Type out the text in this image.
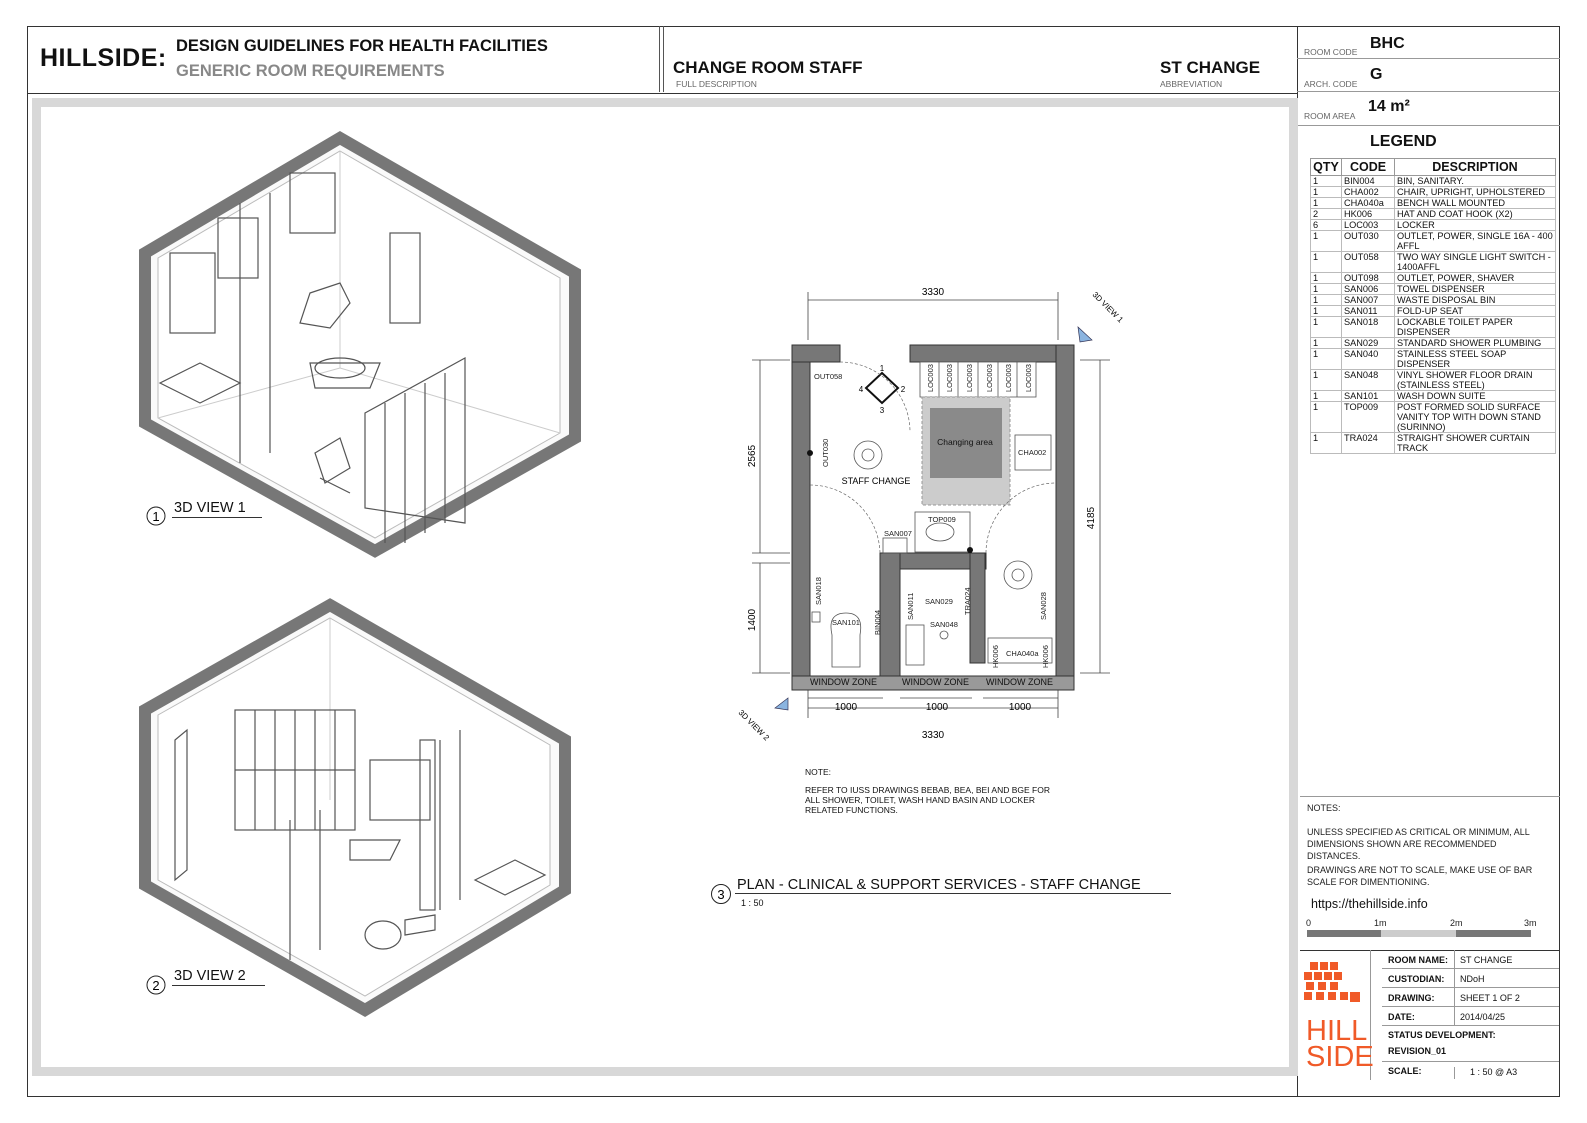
HILLSIDE: DESIGN GUIDELINES FOR HEALTH FACILITIES
GENERIC ROOM REQUIREMENTS	CHANGE ROOM STAFF
FULL DESCRIPTION
ST CHANGE
ABBREVIATION
ROOM CODE BHC
ARCH. CODE
G
ROOM AREA
14 m²
LEGEND
QTY	CODE	DESCRIPTION
1	BIN004	BIN, SANITARY.
1	CHA002	CHAIR, UPRIGHT, UPHOLSTERED
1	CHA040a	BENCH WALL MOUNTED
2	HK006	HAT AND COAT HOOK (X2)
6	LOC003	LOCKER
1	OUT030	OUTLET, POWER, SINGLE 16A - 400 AFFL
1	OUT058	TWO WAY SINGLE LIGHT SWITCH - 1400AFFL
1	OUT098	OUTLET, POWER, SHAVER
1	SAN006	TOWEL DISPENSER
1	SAN007	WASTE DISPOSAL BIN
1	SAN011	FOLD-UP SEAT
1	SAN018	LOCKABLE TOILET PAPER DISPENSER
1	SAN029	STANDARD SHOWER PLUMBING
1	SAN040	STAINLESS STEEL SOAP DISPENSER
1	SAN048	VINYL SHOWER FLOOR DRAIN (STAINLESS STEEL)
1	SAN101	WASH DOWN SUITE
1	TOP009	POST FORMED SOLID SURFACE VANITY TOP WITH DOWN STAND (SURINNO)
1	TRA024	STRAIGHT SHOWER CURTAIN TRACK
NOTES:
UNLESS SPECIFIED AS CRITICAL OR MINIMUM, ALL DIMENSIONS SHOWN ARE RECOMMENDED DISTANCES.
DRAWINGS ARE NOT TO SCALE, MAKE USE OF BAR SCALE FOR DIMENTIONING.
https://thehillside.info
0	1m	2m	3m
HILL
SIDE
ROOM NAME: ST CHANGE
CUSTODIAN: NDoH
DRAWING:	SHEET 1 OF 2
DATE:	2014/04/25
STATUS DEVELOPMENT:
REVISION_01
SCALE:	1 : 50 @ A3
1
3D VIEW 1
2
3D VIEW 2
3330
3330
1000	1000	1000
2565
1400
4185
LOC003 LOC003 LOC003 LOC003 LOC003 LOC003
Changing area
1
2
3
4
OUT058
OUT030	CHA002
TOP009
SAN007
SAN018
SAN101 BIN004
SAN011 SAN029 TRA024
SAN048
SAN028
HK006 CHA040a HK006
STAFF CHANGE
WINDOW ZONE	WINDOW ZONE WINDOW ZONE
3D VIEW 1
3D VIEW 2
NOTE:
REFER TO IUSS DRAWINGS BEBAB, BEA, BEI AND BGE FOR ALL SHOWER, TOILET, WASH HAND BASIN AND LOCKER RELATED FUNCTIONS.
3
PLAN - CLINICAL & SUPPORT SERVICES - STAFF CHANGE
1 : 50
